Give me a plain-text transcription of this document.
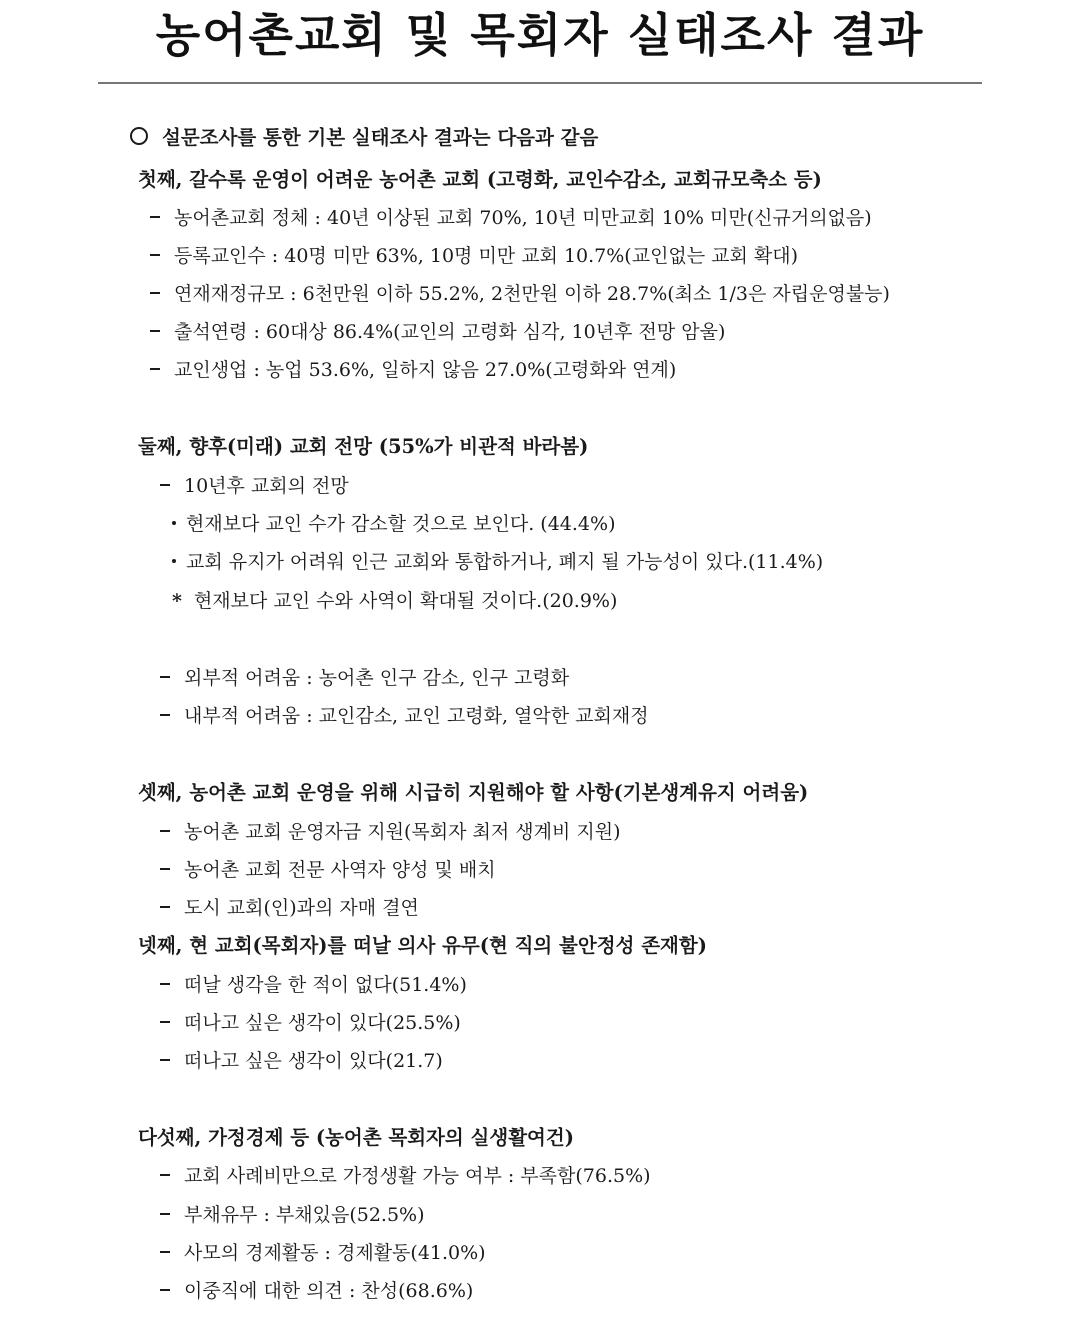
농어촌교회 및 목회자 실태조사 결과
설문조사를 통한 기본 실태조사 결과는 다음과 같음
첫째, 갈수록 운영이 어려운 농어촌 교회 (고령화, 교인수감소, 교회규모축소 등)
농어촌교회 정체 : 40년 이상된 교회 70%, 10년 미만교회 10% 미만(신규거의없음)
등록교인수 : 40명 미만 63%, 10명 미만 교회 10.7%(교인없는 교회 확대)
연재재정규모 : 6천만원 이하 55.2%, 2천만원 이하 28.7%(최소 1/3은 자립운영불능)
출석연령 : 60대상 86.4%(교인의 고령화 심각, 10년후 전망 암울)
교인생업 : 농업 53.6%, 일하지 않음 27.0%(고령화와 연계)
둘째, 향후(미래) 교회 전망 (55%가 비관적 바라봄)
10년후 교회의 전망
현재보다 교인 수가 감소할 것으로 보인다. (44.4%)
교회 유지가 어려워 인근 교회와 통합하거나, 폐지 될 가능성이 있다.(11.4%)
* 현재보다 교인 수와 사역이 확대될 것이다.(20.9%)
외부적 어려움 : 농어촌 인구 감소, 인구 고령화
내부적 어려움 : 교인감소, 교인 고령화, 열악한 교회재정
셋째, 농어촌 교회 운영을 위해 시급히 지원해야 할 사항(기본생계유지 어려움)
농어촌 교회 운영자금 지원(목회자 최저 생계비 지원)
농어촌 교회 전문 사역자 양성 및 배치
도시 교회(인)과의 자매 결연
넷째, 현 교회(목회자)를 떠날 의사 유무(현 직의 불안정성 존재함)
떠날 생각을 한 적이 없다(51.4%)
떠나고 싶은 생각이 있다(25.5%)
떠나고 싶은 생각이 있다(21.7)
다섯째, 가정경제 등 (농어촌 목회자의 실생활여건)
교회 사례비만으로 가정생활 가능 여부 : 부족함(76.5%)
부채유무 : 부채있음(52.5%)
사모의 경제활동 : 경제활동(41.0%)
이중직에 대한 의견 : 찬성(68.6%)
